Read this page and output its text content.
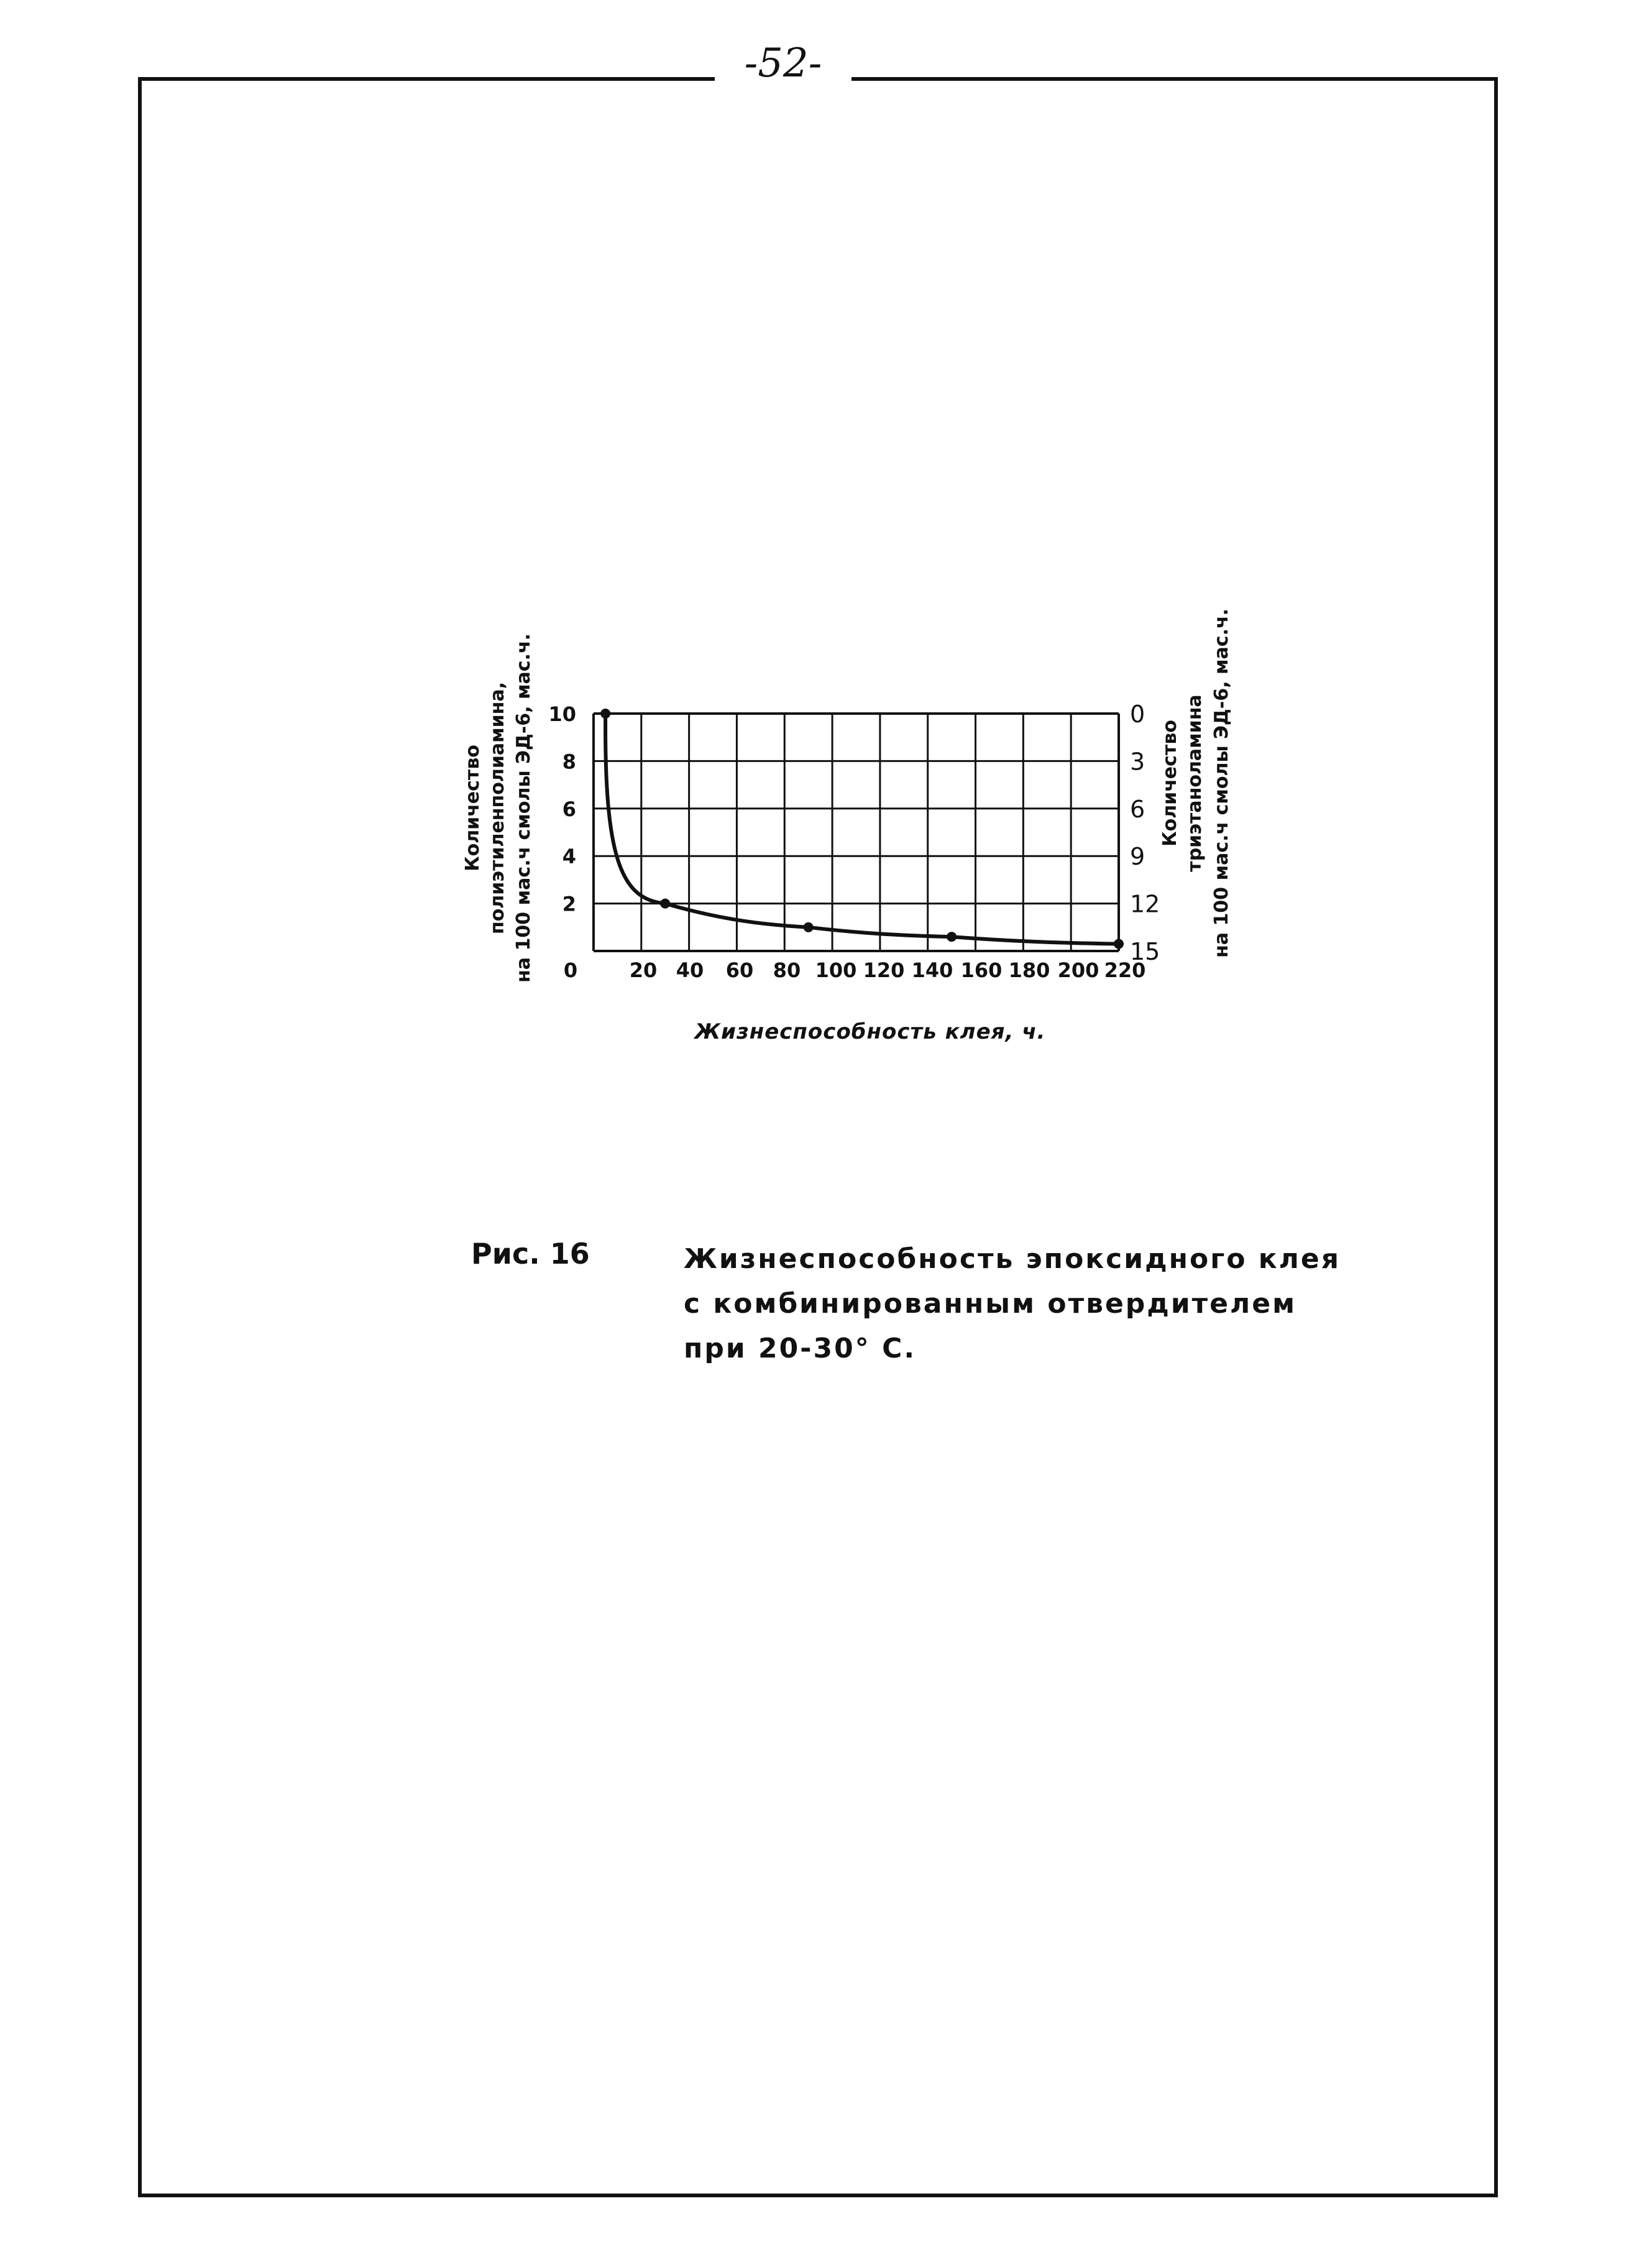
-52-
0	20 40 60 80 100 120 140 160 180 200 220
10
8
6
4
2
0
3
6
9
12
15
Количество полиэтиленполиамина, на 100 мас.ч смолы ЭД-6, мас.ч.	Количество триэтаноламина на 100 мас.ч смолы ЭД-6, мас.ч.
Жизнеспособность клея, ч.
Рис. 16	Жизнеспособность эпоксидного клея
с комбинированным отвердителем
при 20-30° С.
